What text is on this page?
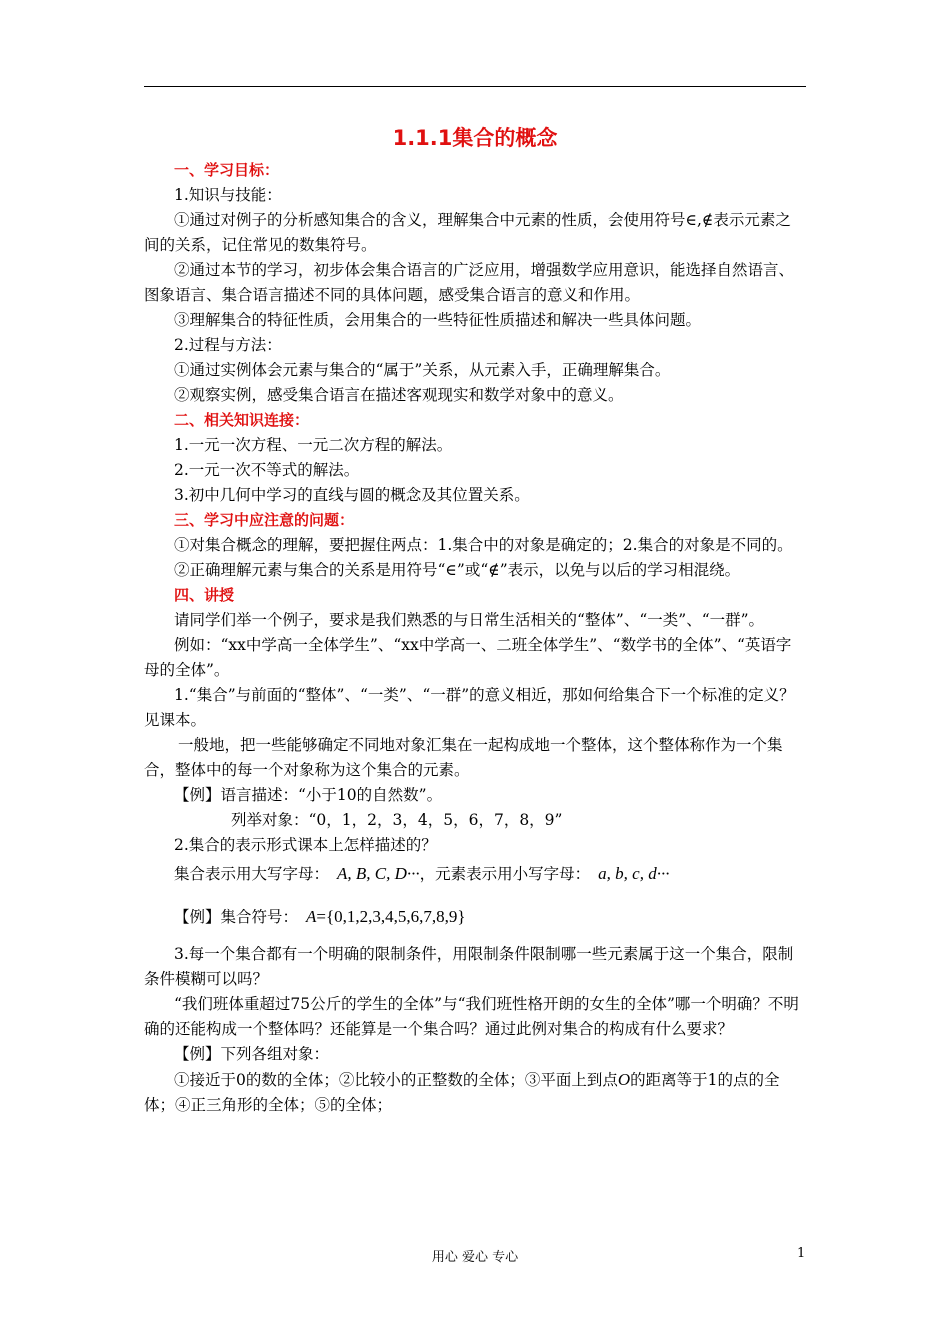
1.1.1集合的概念

一、学习目标：

1.知识与技能：

①通过对例子的分析感知集合的含义，理解集合中元素的性质，会使用符号∈,∉表示元素之间的关系，记住常见的数集符号。

②通过本节的学习，初步体会集合语言的广泛应用，增强数学应用意识，能选择自然语言、图象语言、集合语言描述不同的具体问题，感受集合语言的意义和作用。

③理解集合的特征性质，会用集合的一些特征性质描述和解决一些具体问题。

2.过程与方法：

①通过实例体会元素与集合的“属于”关系，从元素入手，正确理解集合。

②观察实例，感受集合语言在描述客观现实和数学对象中的意义。

二、相关知识连接：

1.一元一次方程、一元二次方程的解法。

2.一元一次不等式的解法。

3.初中几何中学习的直线与圆的概念及其位置关系。

三、学习中应注意的问题：

①对集合概念的理解，要把握住两点：1.集合中的对象是确定的；2.集合的对象是不同的。

②正确理解元素与集合的关系是用符号“∈”或“∉”表示，以免与以后的学习相混绕。

四、讲授

请同学们举一个例子，要求是我们熟悉的与日常生活相关的“整体”、“一类”、“一群”。

例如：“xx中学高一全体学生”、“xx中学高一、二班全体学生”、“数学书的全体”、“英语字母的全体”。

1.“集合”与前面的“整体”、“一类”、“一群”的意义相近，那如何给集合下一个标准的定义？见课本。

一般地，把一些能够确定不同地对象汇集在一起构成地一个整体，这个整体称作为一个集合，整体中的每一个对象称为这个集合的元素。

【例】语言描述：“小于10的自然数”。

列举对象：“0，1，2，3，4，5，6，7，8，9”

2.集合的表示形式课本上怎样描述的？

集合表示用大写字母： A, B, C, D···，元素表示用小写字母： a, b, c, d···

【例】集合符号： A={0,1,2,3,4,5,6,7,8,9}

3.每一个集合都有一个明确的限制条件，用限制条件限制哪一些元素属于这一个集合，限制条件模糊可以吗？

“我们班体重超过75公斤的学生的全体”与“我们班性格开朗的女生的全体”哪一个明确？不明确的还能构成一个整体吗？还能算是一个集合吗？通过此例对集合的构成有什么要求？

【例】下列各组对象：

①接近于0的数的全体；②比较小的正整数的全体；③平面上到点O的距离等于1的点的全体；④正三角形的全体；⑤的全体；

用心 爱心 专心	1
